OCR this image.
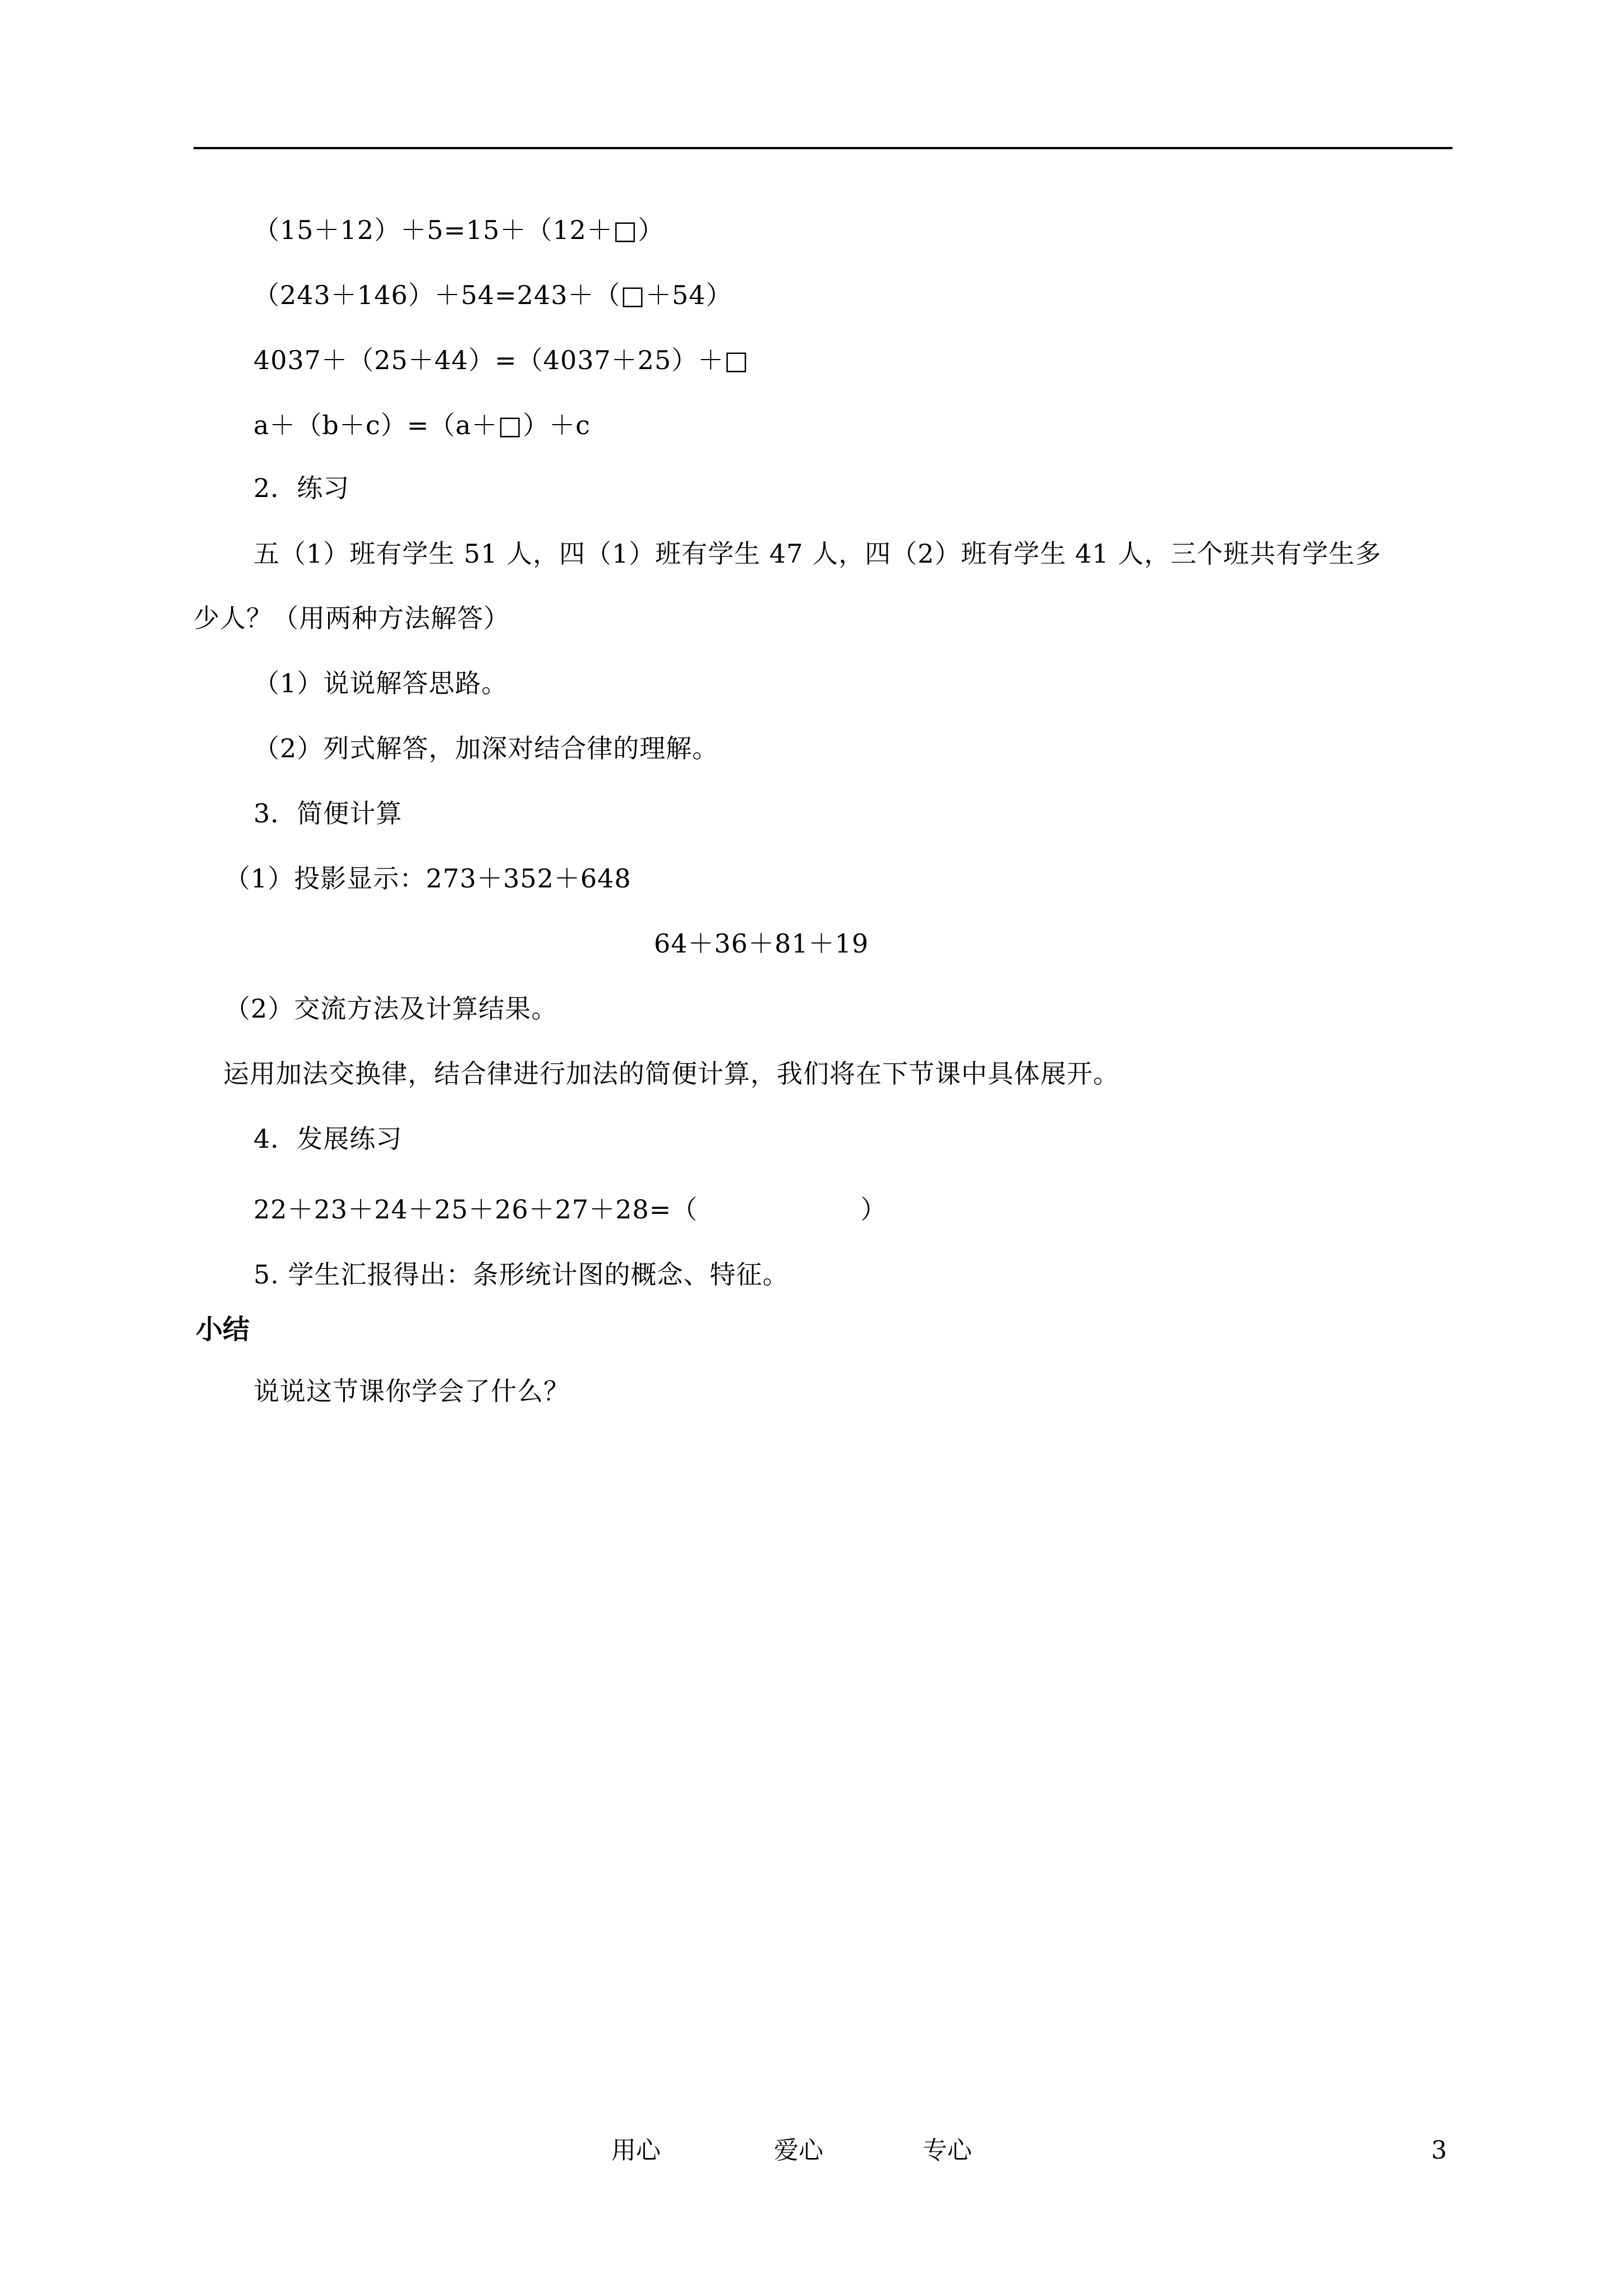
（15＋12）＋5=15＋（12＋□）
（243＋146）＋54=243＋（□＋54）
4037＋（25＋44）=（4037＋25）＋□
a＋（b＋c）=（a＋□）＋c
2．练习
五（1）班有学生 51 人，四（1）班有学生 47 人，四（2）班有学生 41 人，三个班共有学生多
少人？（用两种方法解答）
（1）说说解答思路。
（2）列式解答，加深对结合律的理解。
3．简便计算
（1）投影显示：273＋352＋648
64＋36＋81＋19
（2）交流方法及计算结果。
运用加法交换律，结合律进行加法的简便计算，我们将在下节课中具体展开。
4．发展练习
22＋23＋24＋25＋26＋27＋28=（	）
5. 学生汇报得出：条形统计图的概念、特征。
小结
说说这节课你学会了什么？
用心	爱心	专心	3
